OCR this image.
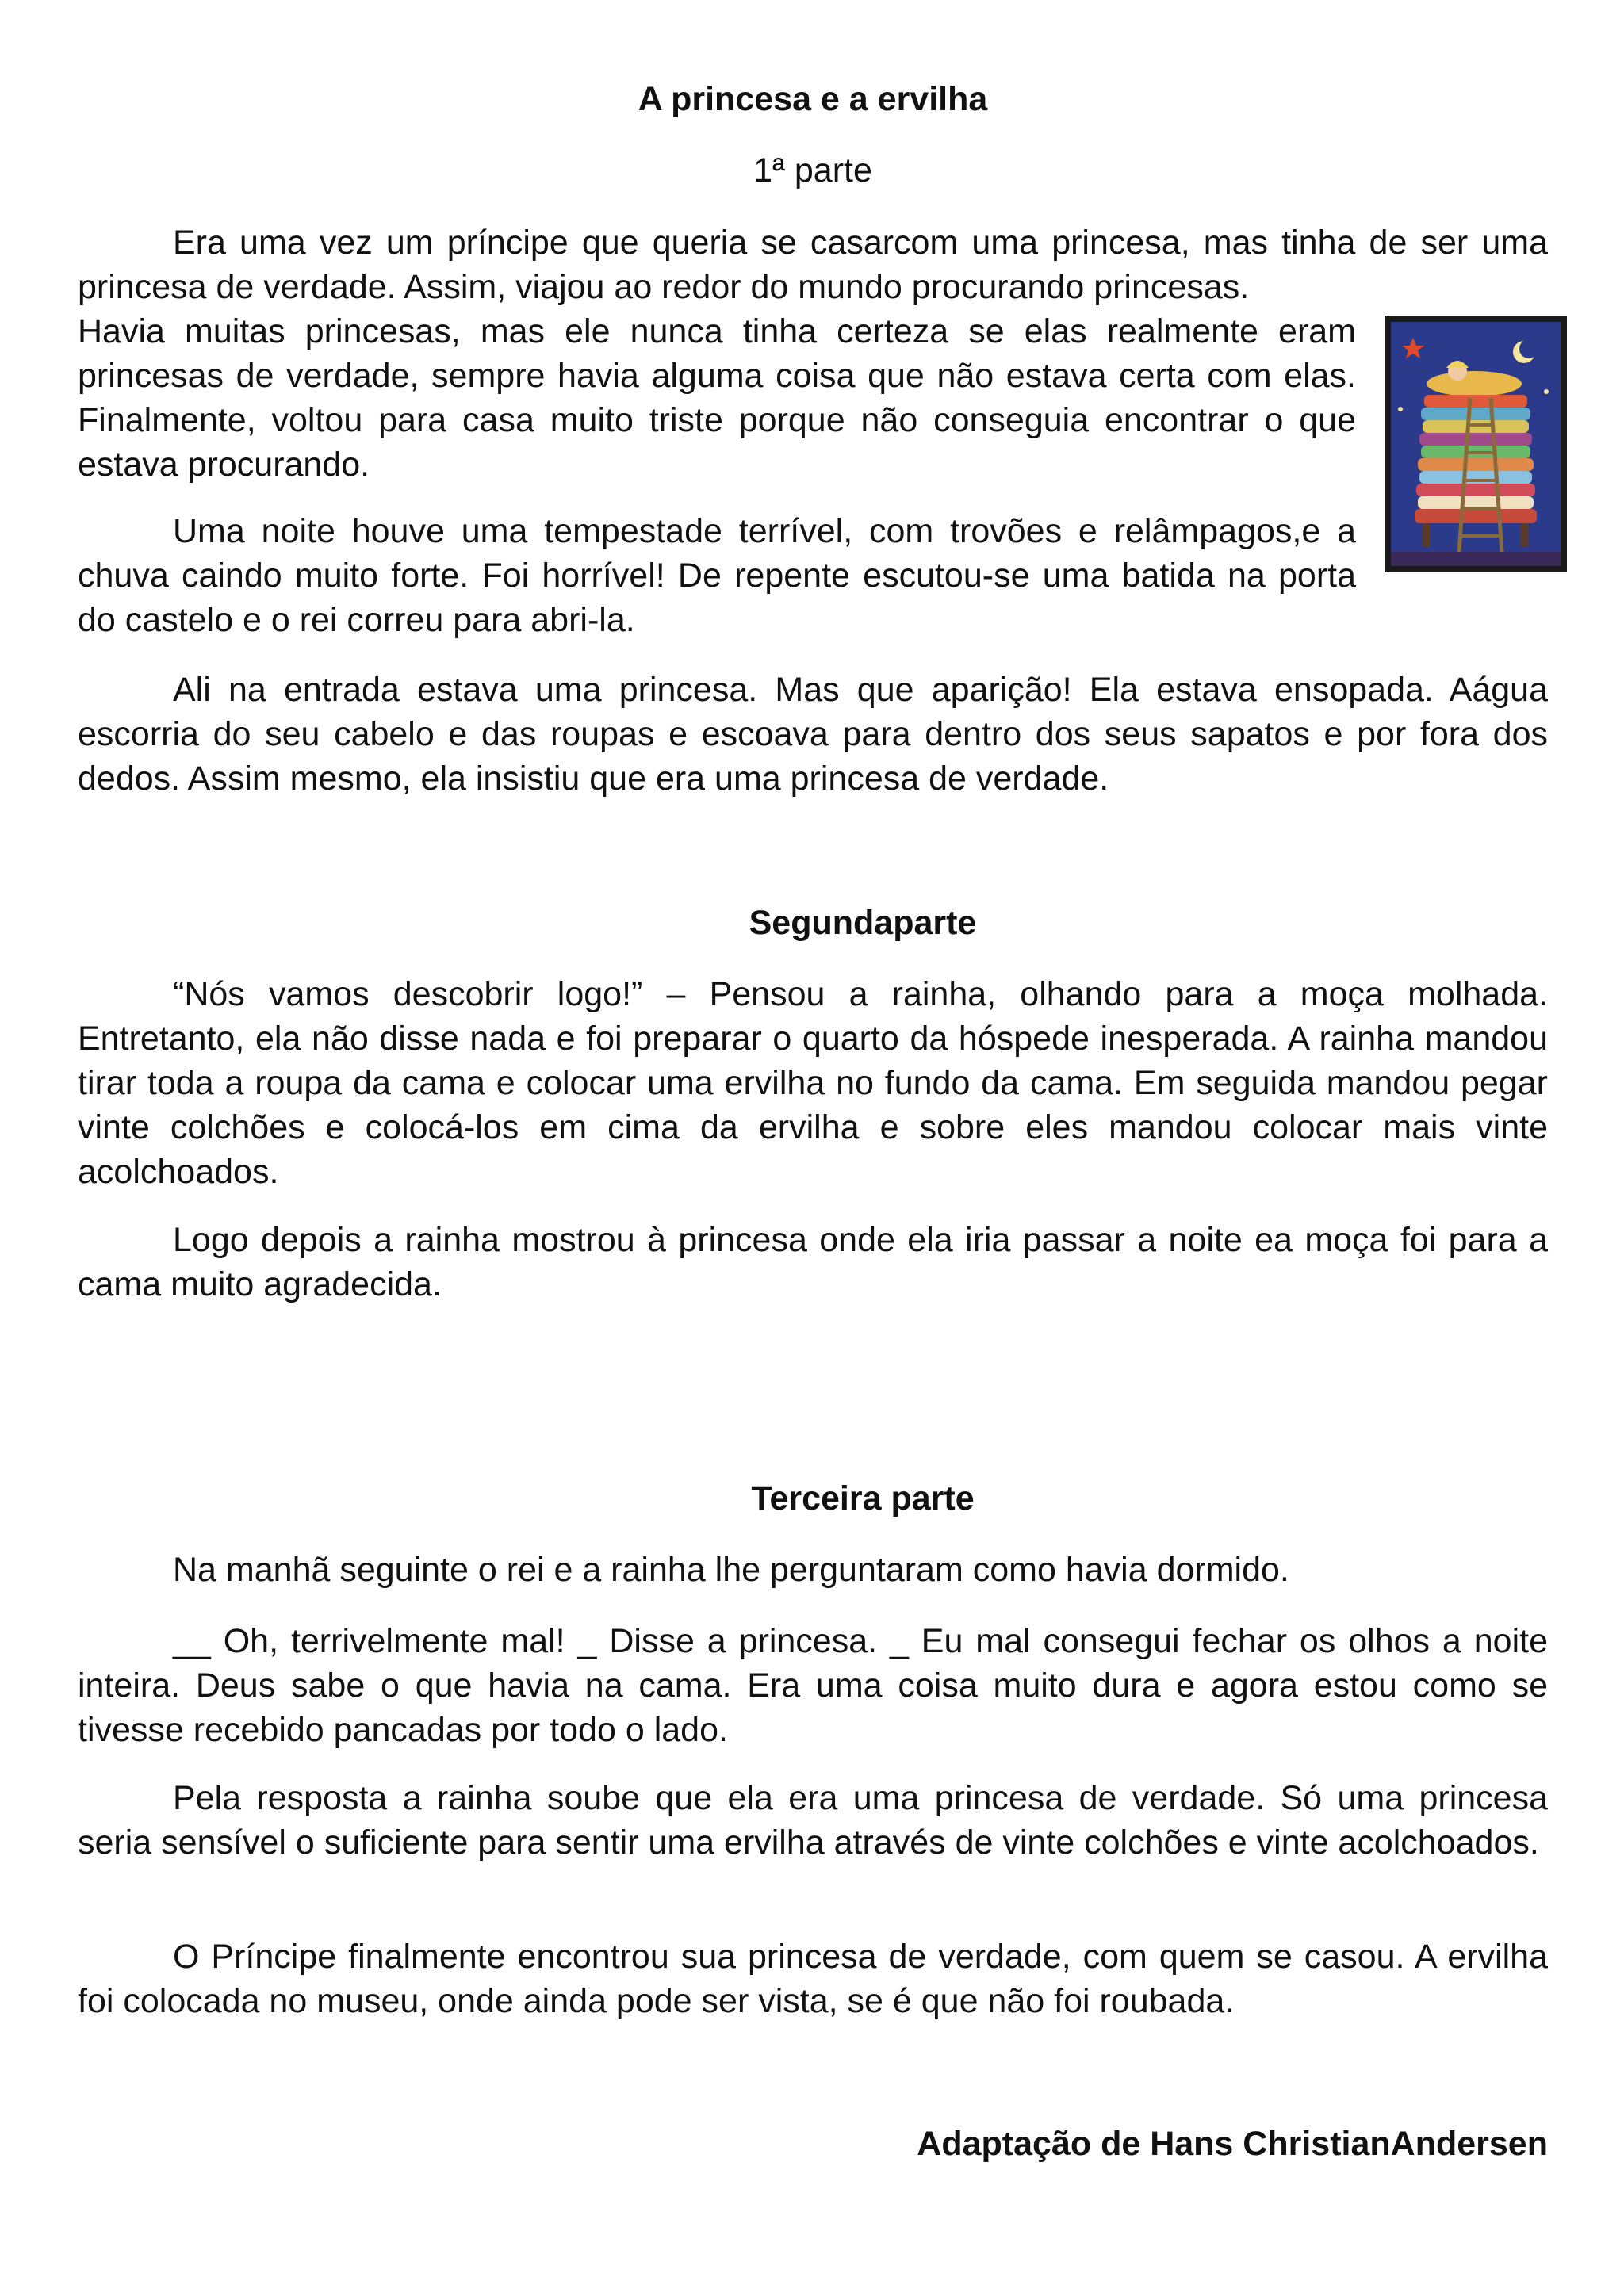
A princesa e a ervilha

1ª parte

Era uma vez um príncipe que queria se casarcom uma princesa, mas tinha de ser uma princesa de verdade. Assim, viajou ao redor do mundo procurando princesas.

Havia muitas princesas, mas ele nunca tinha certeza se elas realmente eram princesas de verdade, sempre havia alguma coisa que não estava certa com elas. Finalmente, voltou para casa muito triste porque não conseguia encontrar o que estava procurando.

Uma noite houve uma tempestade terrível, com trovões e relâmpagos,e a chuva caindo muito forte. Foi horrível! De repente escutou-se uma batida na porta do castelo e o rei correu para abri-la.

Ali na entrada estava uma princesa. Mas que aparição! Ela estava ensopada. Aágua escorria do seu cabelo e das roupas e escoava para dentro dos seus sapatos e por fora dos dedos. Assim mesmo, ela insistiu que era uma princesa de verdade.

Segundaparte

“Nós vamos descobrir logo!” – Pensou a rainha, olhando para a moça molhada. Entretanto, ela não disse nada e foi preparar o quarto da hóspede inesperada. A rainha mandou tirar toda a roupa da cama e colocar uma ervilha no fundo da cama. Em seguida mandou pegar vinte colchões e colocá-los em cima da ervilha e sobre eles mandou colocar mais vinte acolchoados.

Logo depois a rainha mostrou à princesa onde ela iria passar a noite ea moça foi para a cama muito agradecida.

Terceira parte

Na manhã seguinte o rei e a rainha lhe perguntaram como havia dormido.

__ Oh, terrivelmente mal! _ Disse a princesa. _ Eu mal consegui fechar os olhos a noite inteira. Deus sabe o que havia na cama. Era uma coisa muito dura e agora estou como se tivesse recebido pancadas por todo o lado.

Pela resposta a rainha soube que ela era uma princesa de verdade. Só uma princesa seria sensível o suficiente para sentir uma ervilha através de vinte colchões e vinte acolchoados.

O Príncipe finalmente encontrou sua princesa de verdade, com quem se casou. A ervilha foi colocada no museu, onde ainda pode ser vista, se é que não foi roubada.

Adaptação de Hans ChristianAndersen
